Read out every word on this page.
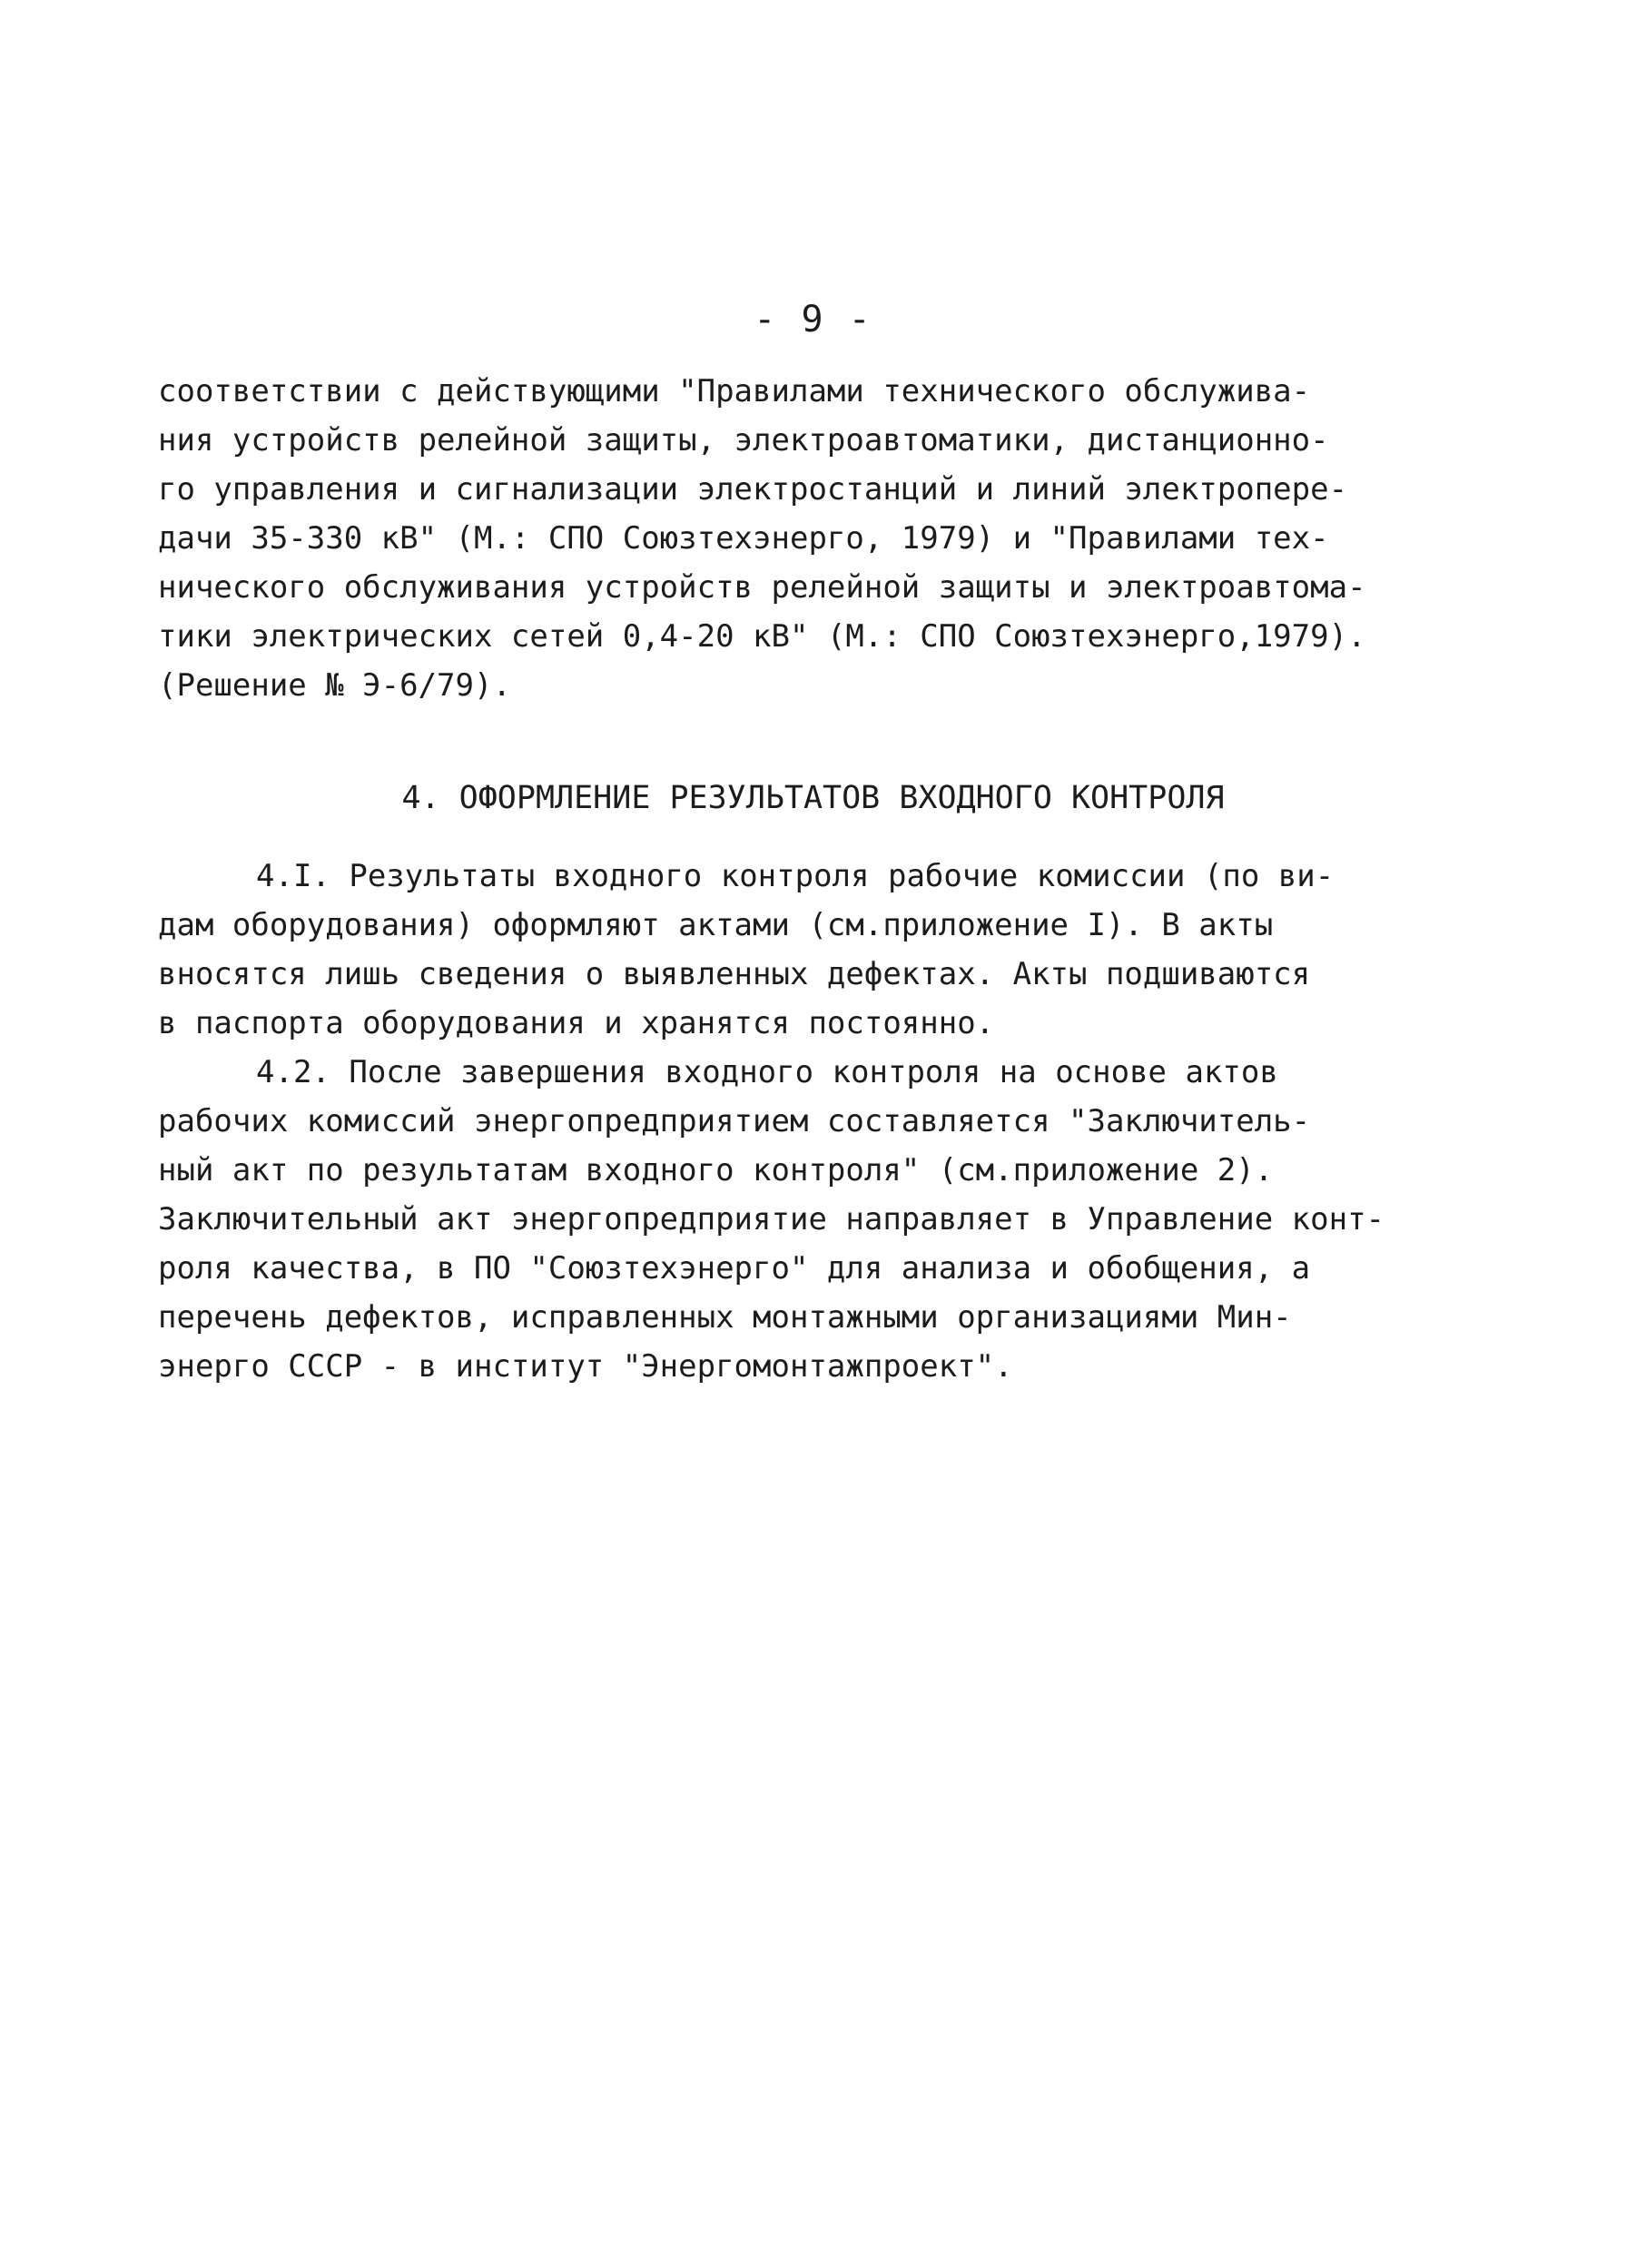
- 9 -
соответствии с действующими "Правилами технического обслужива-
ния устройств релейной защиты, электроавтоматики, дистанционно-
го управления и сигнализации электростанций и линий электропере-
дачи 35-330 кВ" (М.: СПО Союзтехэнерго, 1979) и "Правилами тех-
нического обслуживания устройств релейной защиты и электроавтома-
тики электрических сетей 0,4-20 кВ" (М.: СПО Союзтехэнерго,1979).
(Решение № Э-6/79).
4. ОФОРМЛЕНИЕ РЕЗУЛЬТАТОВ ВХОДНОГО КОНТРОЛЯ
4.I. Результаты входного контроля рабочие комиссии (по ви-
дам оборудования) оформляют актами (см.приложение I). В акты
вносятся лишь сведения о выявленных дефектах. Акты подшиваются
в паспорта оборудования и хранятся постоянно.
4.2. После завершения входного контроля на основе актов
рабочих комиссий энергопредприятием составляется "Заключитель-
ный акт по результатам входного контроля" (см.приложение 2).
Заключительный акт энергопредприятие направляет в Управление конт-
роля качества, в ПО "Союзтехэнерго" для анализа и обобщения, а
перечень дефектов, исправленных монтажными организациями Мин-
энерго СССР - в институт "Энергомонтажпроект".
